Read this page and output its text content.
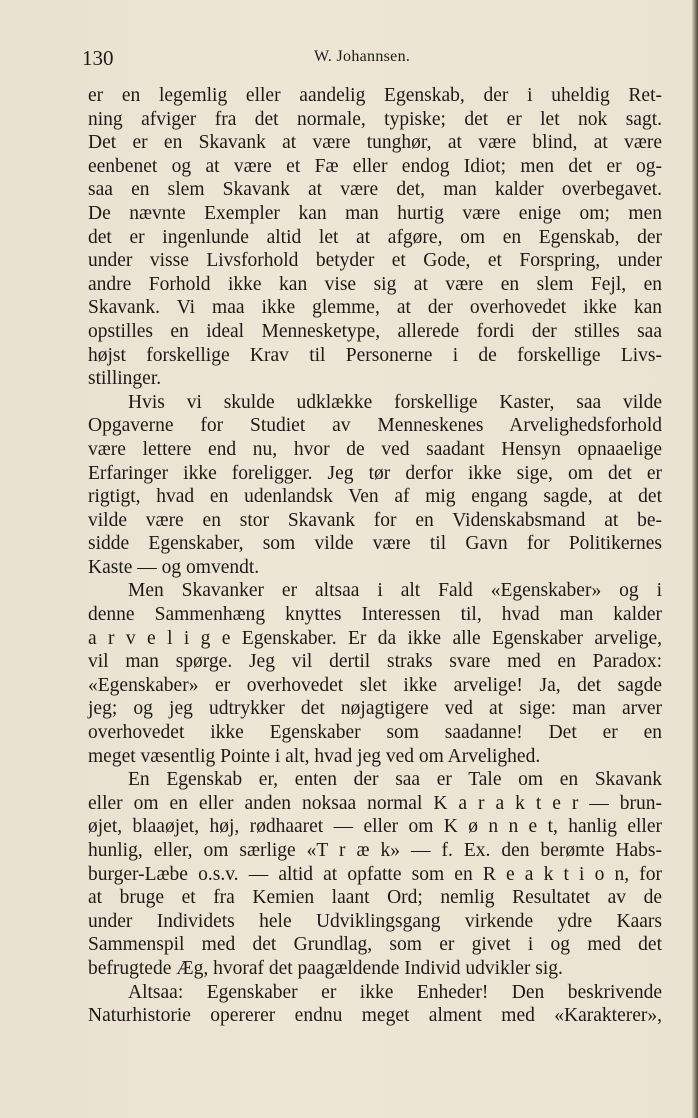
130	W. Johannsen.
er en legemlig eller aandelig Egenskab, der i uheldig Ret-
ning afviger fra det normale, typiske; det er let nok sagt.
Det er en Skavank at være tunghør, at være blind, at være
eenbenet og at være et Fæ eller endog Idiot; men det er og-
saa en slem Skavank at være det, man kalder overbegavet.
De nævnte Exempler kan man hurtig være enige om; men
det er ingenlunde altid let at afgøre, om en Egenskab, der
under visse Livsforhold betyder et Gode, et Forspring, under
andre Forhold ikke kan vise sig at være en slem Fejl, en
Skavank. Vi maa ikke glemme, at der overhovedet ikke kan
opstilles en ideal Mennesketype, allerede fordi der stilles saa
højst forskellige Krav til Personerne i de forskellige Livs-
stillinger.
Hvis vi skulde udklække forskellige Kaster, saa vilde
Opgaverne for Studiet av Menneskenes Arvelighedsforhold
være lettere end nu, hvor de ved saadant Hensyn opnaaelige
Erfaringer ikke foreligger. Jeg tør derfor ikke sige, om det er
rigtigt, hvad en udenlandsk Ven af mig engang sagde, at det
vilde være en stor Skavank for en Videnskabsmand at be-
sidde Egenskaber, som vilde være til Gavn for Politikernes
Kaste — og omvendt.
Men Skavanker er altsaa i alt Fald «Egenskaber» og i
denne Sammenhæng knyttes Interessen til, hvad man kalder
a r v e l i g e Egenskaber. Er da ikke alle Egenskaber arvelige,
vil man spørge. Jeg vil dertil straks svare med en Paradox:
«Egenskaber» er overhovedet slet ikke arvelige! Ja, det sagde
jeg; og jeg udtrykker det nøjagtigere ved at sige: man arver
overhovedet ikke Egenskaber som saadanne! Det er en
meget væsentlig Pointe i alt, hvad jeg ved om Arvelighed.
En Egenskab er, enten der saa er Tale om en Skavank
eller om en eller anden noksaa normal K a r a k t e r — brun-
øjet, blaaøjet, høj, rødhaaret — eller om K ø n n e t, hanlig eller
hunlig, eller, om særlige «T r æ k» — f. Ex. den berømte Habs-
burger-Læbe o.s.v. — altid at opfatte som en R e a k t i o n, for
at bruge et fra Kemien laant Ord; nemlig Resultatet av de
under Individets hele Udviklingsgang virkende ydre Kaars
Sammenspil med det Grundlag, som er givet i og med det
befrugtede Æg, hvoraf det paagældende Individ udvikler sig.
Altsaa: Egenskaber er ikke Enheder! Den beskrivende
Naturhistorie opererer endnu meget alment med «Karakterer»,
